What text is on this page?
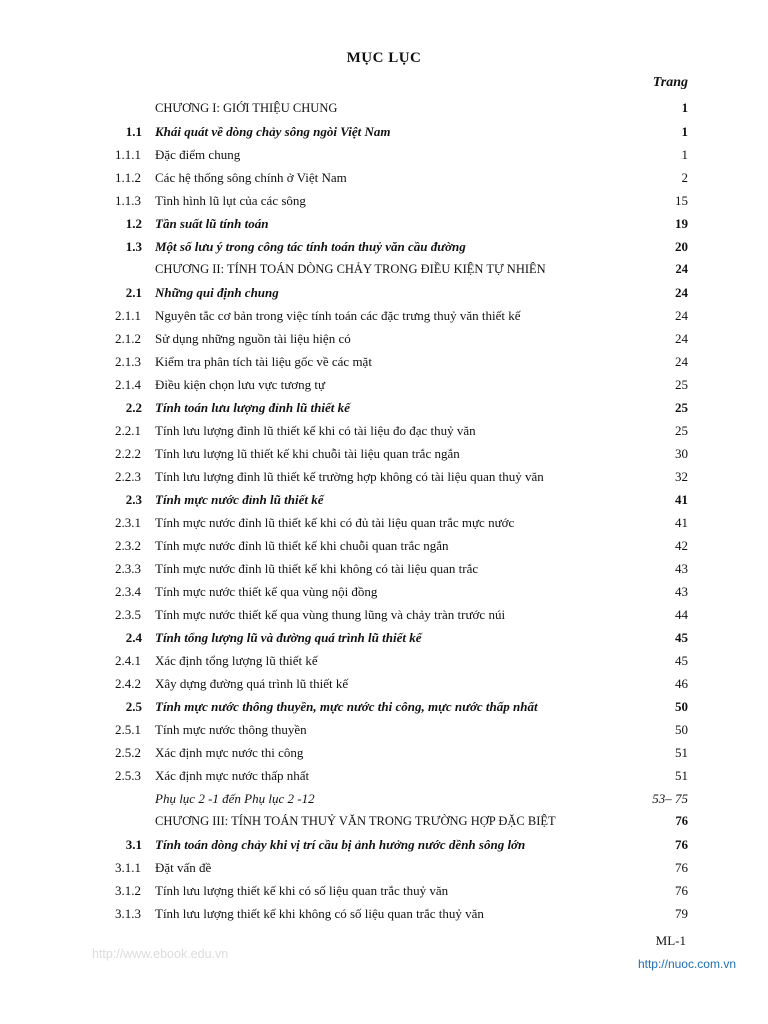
MỤC LỤC
Trang
CHƯƠNG I: GIỚI THIỆU CHUNG	1
1.1 Khái quát về dòng chảy sông ngòi Việt Nam	1
1.1.1 Đặc điểm chung	1
1.1.2 Các hệ thống sông chính ở Việt Nam	2
1.1.3 Tình hình lũ lụt của các sông	15
1.2 Tần suất lũ tính toán	19
1.3 Một số lưu ý trong công tác tính toán thuỷ văn cầu đường	20
CHƯƠNG II: TÍNH TOÁN DÒNG CHẢY TRONG ĐIỀU KIỆN TỰ NHIÊN	24
2.1 Những qui định chung	24
2.1.1 Nguyên tắc cơ bản trong việc tính toán các đặc trưng thuỷ văn thiết kế	24
2.1.2 Sử dụng những nguồn tài liệu hiện có	24
2.1.3 Kiểm tra phân tích tài liệu gốc về các mặt	24
2.1.4 Điều kiện chọn lưu vực tương tự	25
2.2 Tính toán lưu lượng đỉnh lũ thiết kế	25
2.2.1 Tính lưu lượng đỉnh lũ thiết kế khi có tài liệu đo đạc thuỷ văn	25
2.2.2 Tính lưu lượng lũ thiết kế khi chuỗi tài liệu quan trắc ngắn	30
2.2.3 Tính lưu lượng đỉnh lũ thiết kế trường hợp không có tài liệu quan thuỷ văn	32
2.3 Tính mực nước đỉnh lũ thiết kế	41
2.3.1 Tính mực nước đỉnh lũ thiết kế khi có đủ tài liệu quan trắc mực nước	41
2.3.2 Tính mực nước đỉnh lũ thiết kế khi chuỗi quan trắc ngắn	42
2.3.3 Tính mực nước đỉnh lũ thiết kế khi không có tài liệu quan trắc	43
2.3.4 Tính mực nước thiết kế qua vùng nội đồng	43
2.3.5 Tính mực nước thiết kế qua vùng thung lũng và chảy tràn trước núi	44
2.4 Tính tổng lượng lũ và đường quá trình lũ thiết kế	45
2.4.1 Xác định tổng lượng lũ thiết kế	45
2.4.2 Xây dựng đường quá trình lũ thiết kế	46
2.5 Tính mực nước thông thuyền, mực nước thi công, mực nước thấp nhất	50
2.5.1 Tính mực nước thông thuyền	50
2.5.2 Xác định mực nước thi công	51
2.5.3 Xác định mực nước thấp nhất	51
Phụ lục 2 -1 đến Phụ lục 2 -12	53– 75
CHƯƠNG III: TÍNH TOÁN THUỶ VĂN TRONG TRƯỜNG HỢP ĐẶC BIỆT	76
3.1 Tính toán dòng chảy khi vị trí cầu bị ảnh hưởng nước dềnh sông lớn	76
3.1.1 Đặt vấn đề	76
3.1.2 Tính lưu lượng thiết kế khi có số liệu quan trắc thuỷ văn	76
3.1.3 Tính lưu lượng thiết kế khi không có số liệu quan trắc thuỷ văn	79
ML-1
http://www.ebook.edu.vn
http://nuoc.com.vn
